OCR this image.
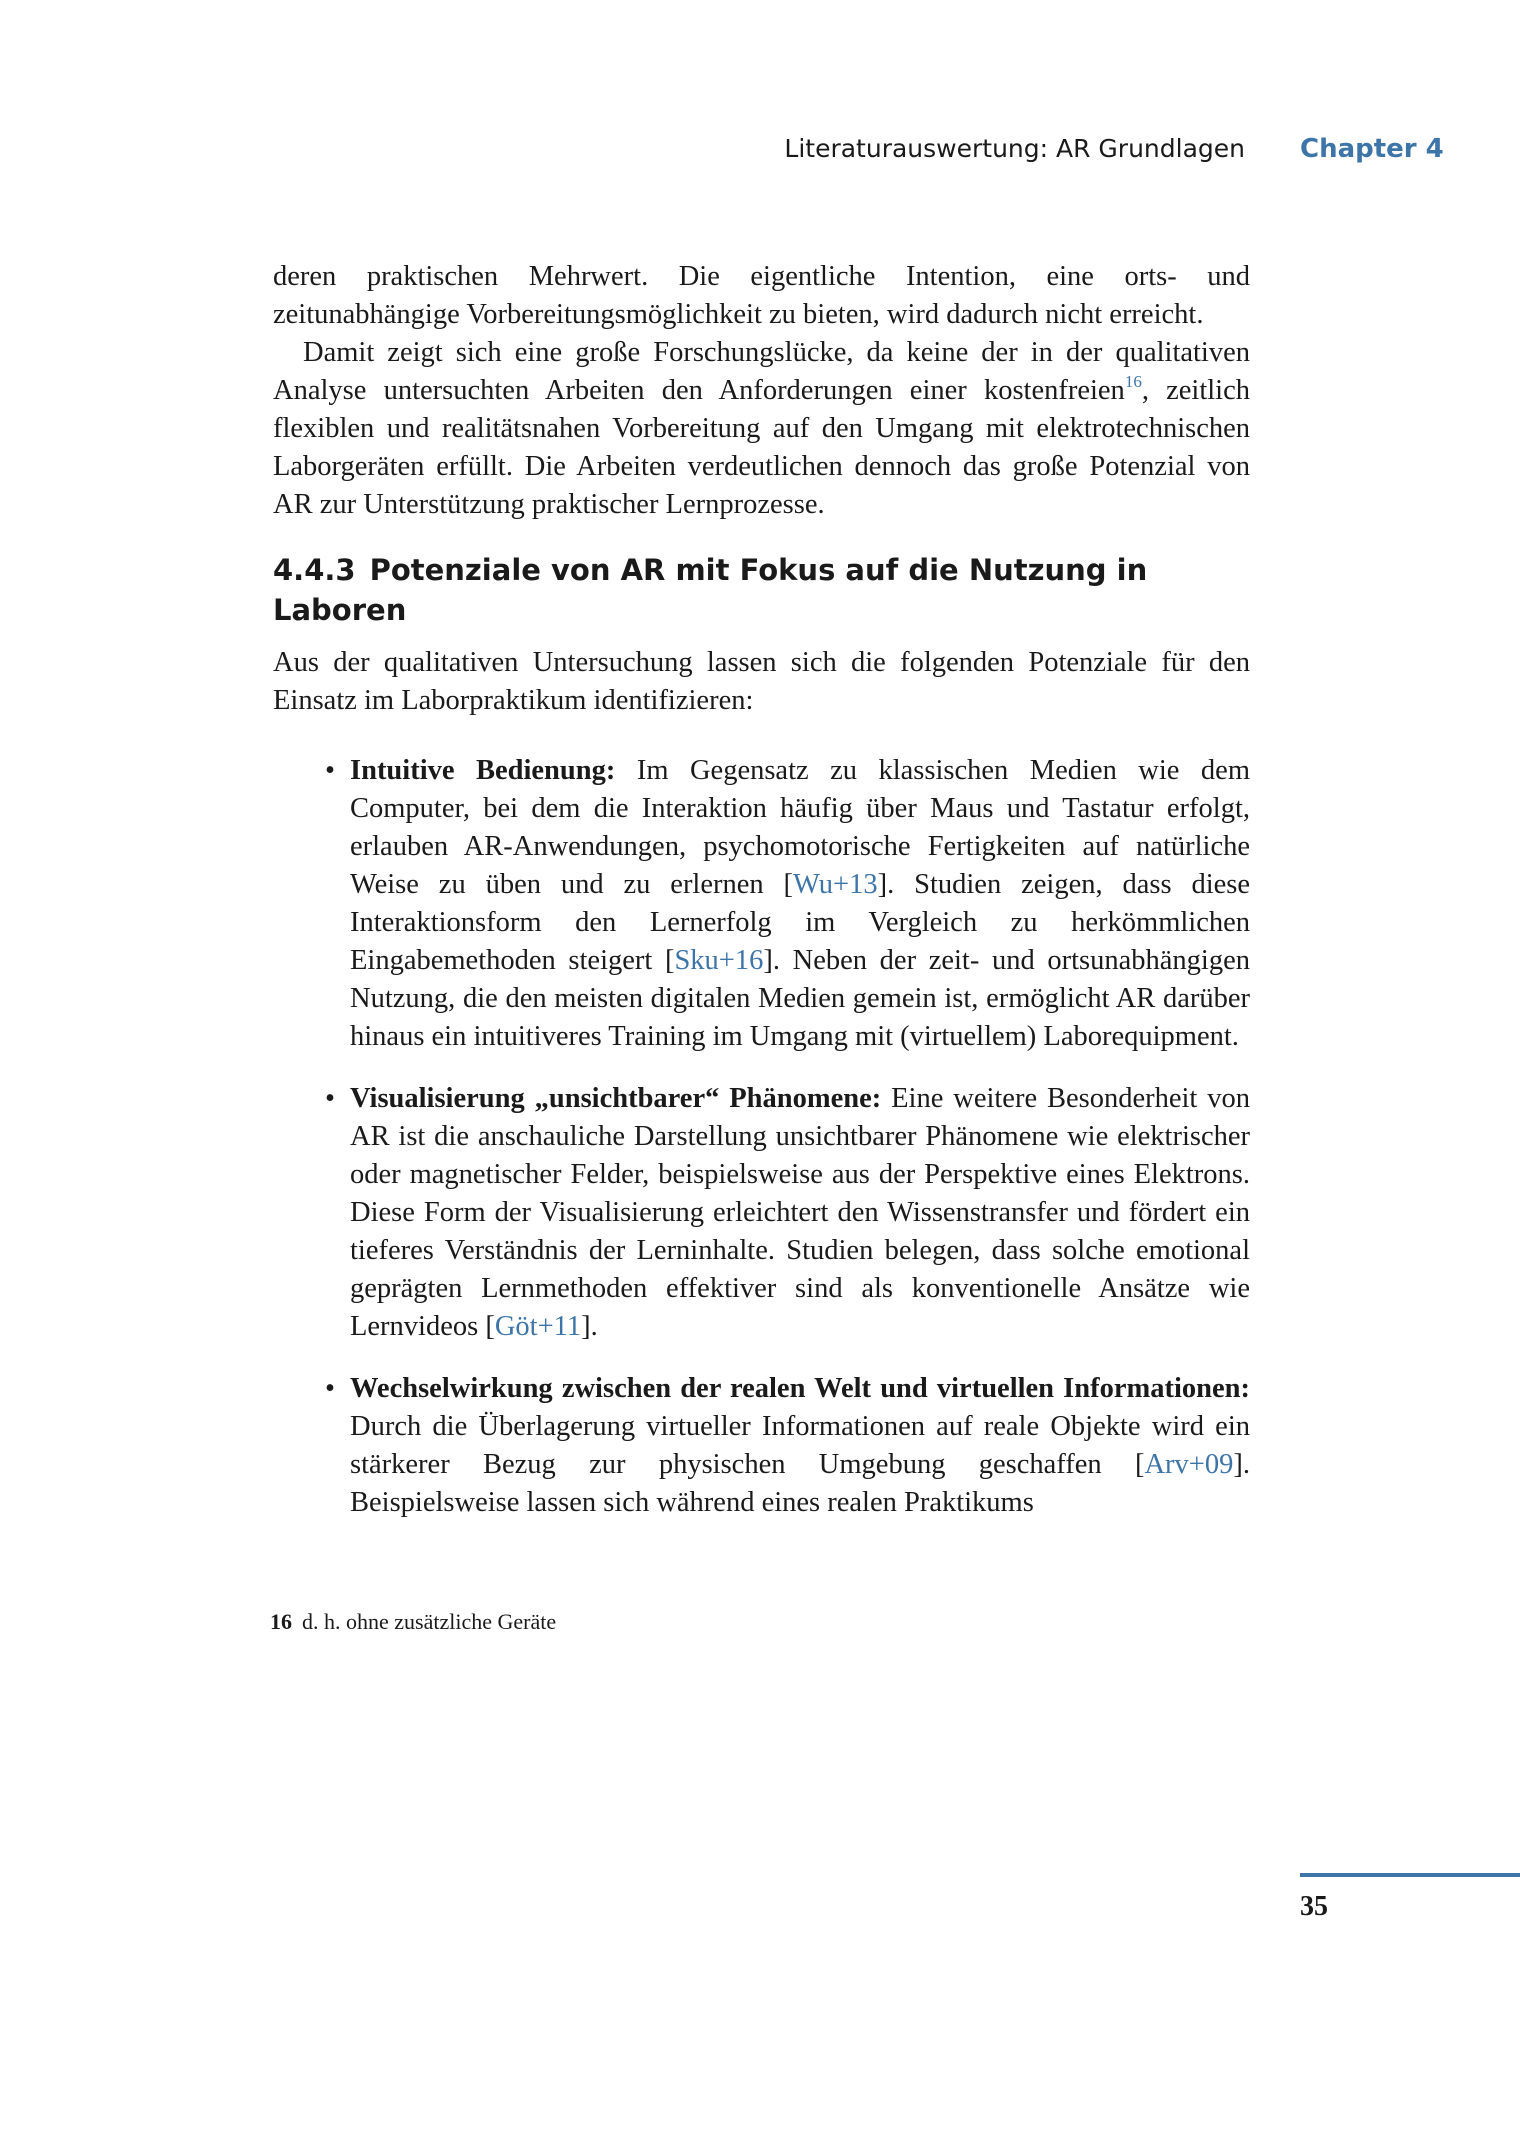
Literaturauswertung: AR Grundlagen Chapter 4

deren praktischen Mehrwert. Die eigentliche Intention, eine orts- und zeitunabhängige Vorbereitungsmöglichkeit zu bieten, wird dadurch nicht erreicht.

Damit zeigt sich eine große Forschungslücke, da keine der in der qualitativen Analyse untersuchten Arbeiten den Anforderungen einer kostenfreien$^{16}$, zeitlich flexiblen und realitätsnahen Vorbereitung auf den Umgang mit elektrotechnischen Laborgeräten erfüllt. Die Arbeiten verdeutlichen dennoch das große Potenzial von AR zur Unterstützung praktischer Lernprozesse.

4.4.3 Potenziale von AR mit Fokus auf die Nutzung in Laboren

Aus der qualitativen Untersuchung lassen sich die folgenden Potenziale für den Einsatz im Laborpraktikum identifizieren:

• Intuitive Bedienung: Im Gegensatz zu klassischen Medien wie dem Computer, bei dem die Interaktion häufig über Maus und Tastatur erfolgt, erlauben AR-Anwendungen, psychomotorische Fertigkeiten auf natürliche Weise zu üben und zu erlernen [Wu+13]. Studien zeigen, dass diese Interaktionsform den Lernerfolg im Vergleich zu herkömmlichen Eingabemethoden steigert [Sku+16]. Neben der zeit- und ortsunabhängigen Nutzung, die den meisten digitalen Medien gemein ist, ermöglicht AR darüber hinaus ein intuitiveres Training im Umgang mit (virtuellem) Laborequipment.
• Visualisierung „unsichtbarer“ Phänomene: Eine weitere Besonderheit von AR ist die anschauliche Darstellung unsichtbarer Phänomene wie elektrischer oder magnetischer Felder, beispielsweise aus der Perspektive eines Elektrons. Diese Form der Visualisierung erleichtert den Wissenstransfer und fördert ein tieferes Verständnis der Lerninhalte. Studien belegen, dass solche emotional geprägten Lernmethoden effektiver sind als konventionelle Ansätze wie Lernvideos [Göt+11].
• Wechselwirkung zwischen der realen Welt und virtuellen Informationen: Durch die Überlagerung virtueller Informationen auf reale Objekte wird ein stärkerer Bezug zur physischen Umgebung geschaffen [Arv+09]. Beispielsweise lassen sich während eines realen Praktikums
16 d. h. ohne zusätzliche Geräte
35
